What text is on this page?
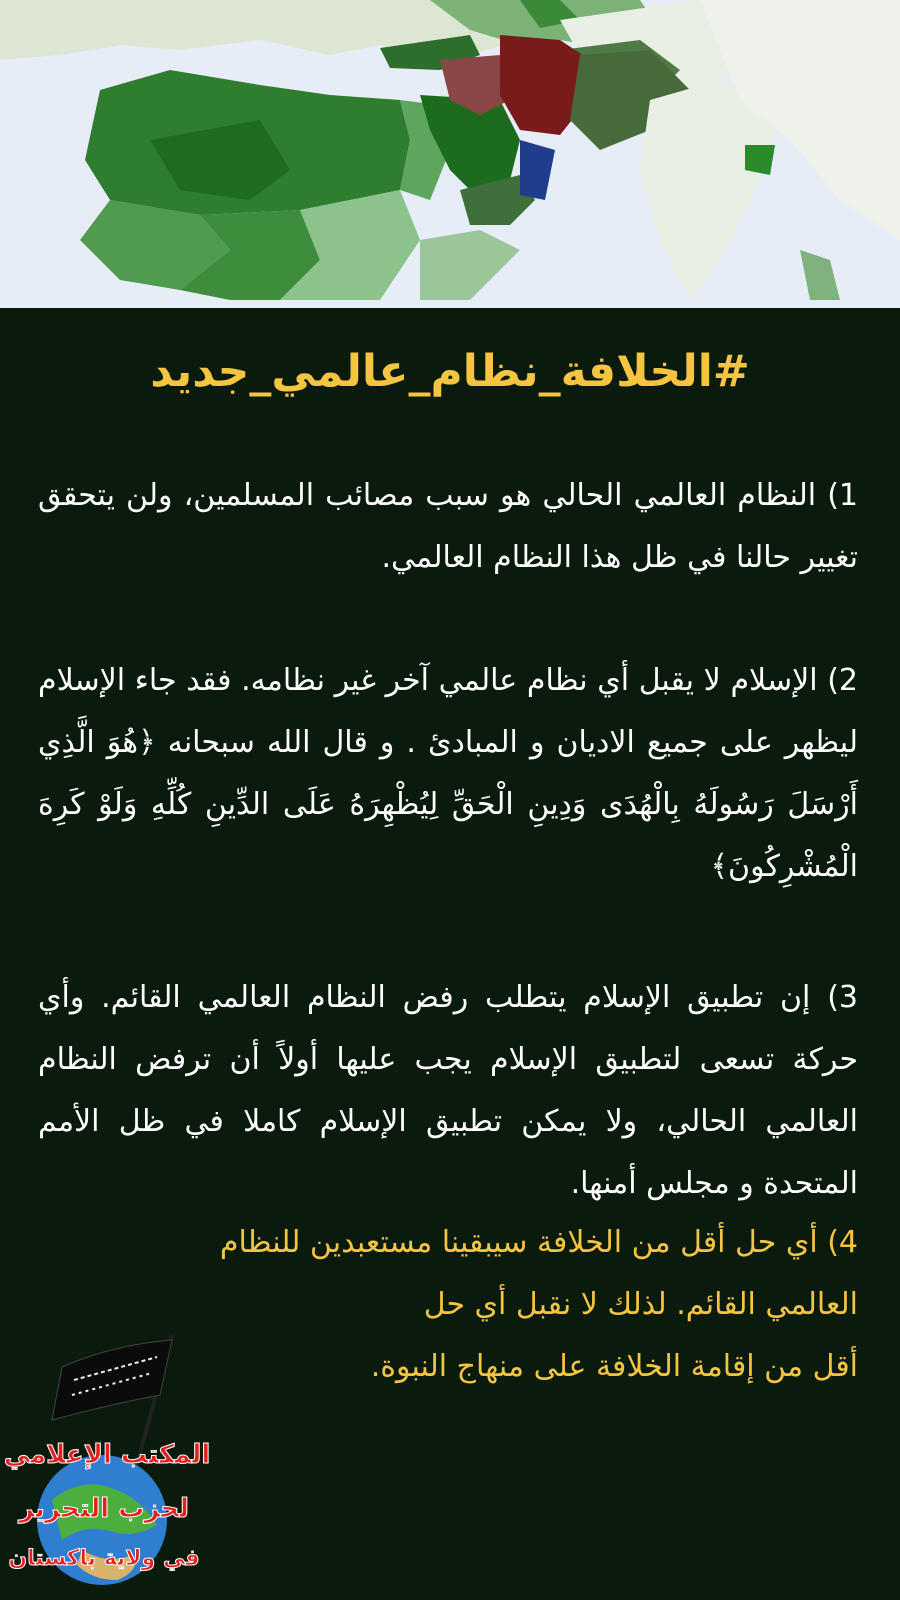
#الخلافة_نظام_عالمي_جديد
1) النظام العالمي الحالي هو سبب مصائب المسلمين، ولن يتحقق تغيير حالنا في ظل هذا النظام العالمي.
2) الإسلام لا يقبل أي نظام عالمي آخر غير نظامه. فقد جاء الإسلام ليظهر على جميع الاديان و المبادئ . و قال الله سبحانه ﴿هُوَ الَّذِي أَرْسَلَ رَسُولَهُ بِالْهُدَى وَدِينِ الْحَقِّ لِيُظْهِرَهُ عَلَى الدِّينِ كُلِّهِ وَلَوْ كَرِهَ الْمُشْرِكُونَ﴾
3) إن تطبيق الإسلام يتطلب رفض النظام العالمي القائم. وأي حركة تسعى لتطبيق الإسلام يجب عليها أولاً أن ترفض النظام العالمي الحالي، ولا يمكن تطبيق الإسلام كاملا في ظل الأمم المتحدة و مجلس أمنها.
4) أي حل أقل من الخلافة سيبقينا مستعبدين للنظام
العالمي القائم. لذلك لا نقبل أي حل
أقل من إقامة الخلافة على منهاج النبوة.
المكتب الإعلامي
لحزب التحرير
في ولاية باكستان
